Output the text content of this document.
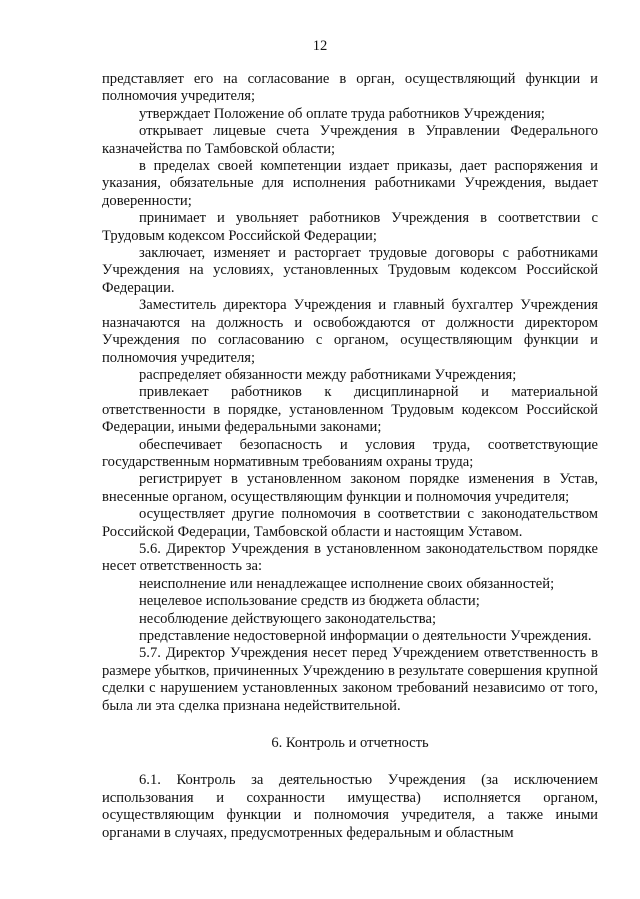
12

представляет его на согласование в орган, осуществляющий функции и полномочия учредителя;

утверждает Положение об оплате труда работников Учреждения;

открывает лицевые счета Учреждения в Управлении Федерального казначейства по Тамбовской области;

в пределах своей компетенции издает приказы, дает распоряжения и указания, обязательные для исполнения работниками Учреждения, выдает доверенности;

принимает и увольняет работников Учреждения в соответствии с Трудовым кодексом Российской Федерации;

заключает, изменяет и расторгает трудовые договоры с работниками Учреждения на условиях, установленных Трудовым кодексом Российской Федерации.

Заместитель директора Учреждения и главный бухгалтер Учреждения назначаются на должность и освобождаются от должности директором Учреждения по согласованию с органом, осуществляющим функции и полномочия учредителя;

распределяет обязанности между работниками Учреждения;

привлекает работников к дисциплинарной и материальной ответственности в порядке, установленном Трудовым кодексом Российской Федерации, иными федеральными законами;

обеспечивает безопасность и условия труда, соответствующие государственным нормативным требованиям охраны труда;

регистрирует в установленном законом порядке изменения в Устав, внесенные органом, осуществляющим функции и полномочия учредителя;

осуществляет другие полномочия в соответствии с законодательством Российской Федерации, Тамбовской области и настоящим Уставом.

5.6. Директор Учреждения в установленном законодательством порядке несет ответственность за:

неисполнение или ненадлежащее исполнение своих обязанностей;

нецелевое использование средств из бюджета области;

несоблюдение действующего законодательства;

представление недостоверной информации о деятельности Учреждения.

5.7. Директор Учреждения несет перед Учреждением ответственность в размере убытков, причиненных Учреждению в результате совершения крупной сделки с нарушением установленных законом требований независимо от того, была ли эта сделка признана недействительной.

6. Контроль и отчетность

6.1. Контроль за деятельностью Учреждения (за исключением использования и сохранности имущества) исполняется органом, осуществляющим функции и полномочия учредителя, а также иными органами в случаях, предусмотренных федеральным и областным
